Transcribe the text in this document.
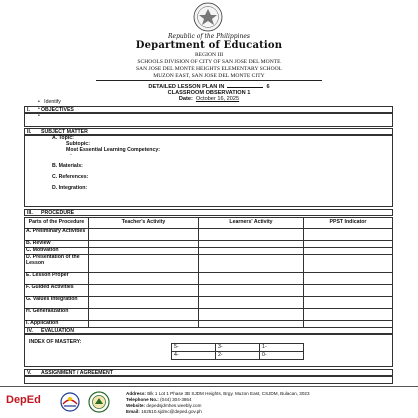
Republic of the Philippines
Department of Education
REGION III
SCHOOLS DIVISION OF CITY OF SAN JOSE DEL MONTE
SAN JOSE DEL MONTE HEIGHTS ELEMENTARY SCHOOL
MUZON EAST, SAN JOSE DEL MONTE CITY
DETAILED LESSON PLAN IN	6
CLASSROOM OBSERVATION 1
Date: October 16, 2025
I. OBJECTIVES
•   Identify
•
•
II. SUBJECT MATTER
A. Topic:
Subtopic:
Most Essential Learning Competency:
-
B. Materials:
C. References:
D. Integration:
III. PROCEDURE
Parts of the Procedure	Teacher's Activity	Learners' Activity	PPST Indicator
A. Preliminary Activities			
B. Review			
C. Motivation			
D. Presentation of the Lesson			
E. Lesson Proper			
F. Guided Activities			
G. Values Integration			
H. Generalization			
I. Application			
IV. EVALUATION
INDEX OF MASTERY:
5-	3-	1-
4-	2-	0-
V. ASSIGNMENT / AGREEMENT
DepEd
Address: Blk 1 Lot 1 Phase 3B SJDM Heights, Brgy. Muzon East, CSJDM, Bulacan, 3023
Telephone No.: (044) 304-3864
Website: depedsjdmhes.weebly.com
Email: 162510.sjdmc@deped.gov.ph
